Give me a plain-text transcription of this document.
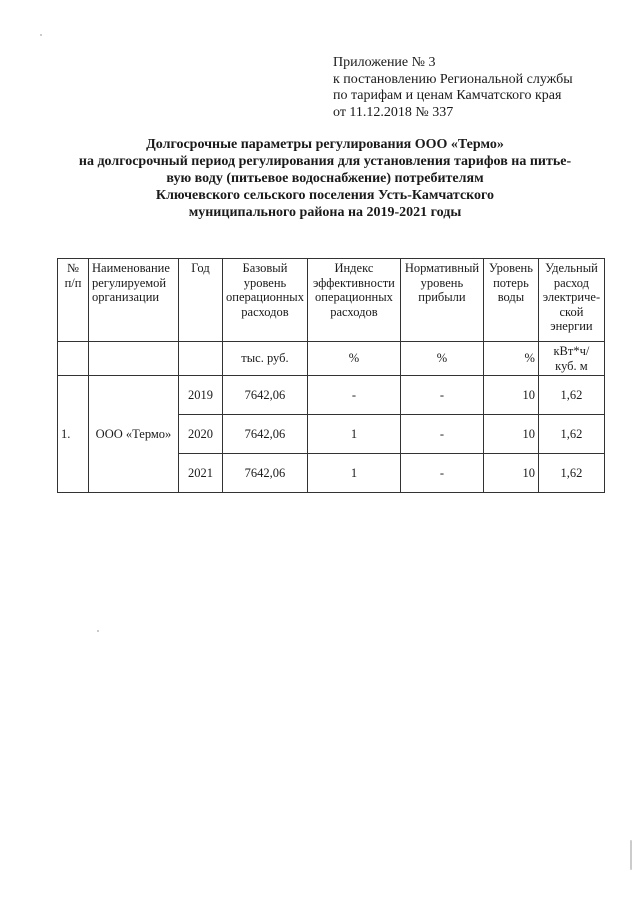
Приложение № 3
к постановлению Региональной службы
по тарифам и ценам Камчатского края
от 11.12.2018 № 337
Долгосрочные параметры регулирования ООО «Термо»
на долгосрочный период регулирования для установления тарифов на питье-
вую воду (питьевое водоснабжение) потребителям
Ключевского сельского поселения Усть-Камчатского
муниципального района на 2019-2021 годы
№ п/п	Наименование регулируемой организации	Год	Базовый уровень операционных расходов	Индекс эффективности операционных расходов	Нормативный уровень прибыли	Уровень потерь воды	Удельный расход электриче-ской энергии
			тыс. руб.	%	%	%	кВт*ч/ куб. м
1.	ООО «Термо»	2019	7642,06	-	-	10	1,62
		2020	7642,06	1	-	10	1,62
		2021	7642,06	1	-	10	1,62
